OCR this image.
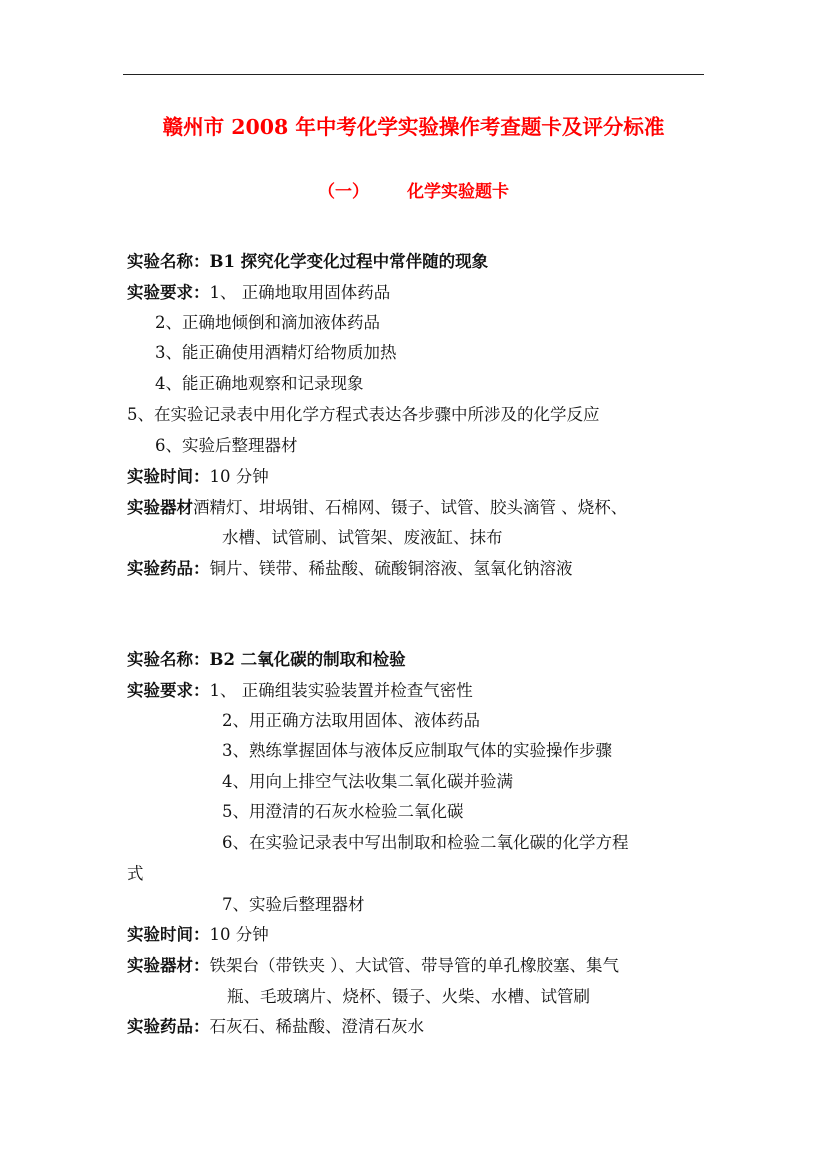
赣州市 2008 年中考化学实验操作考查题卡及评分标准
（一） 化学实验题卡
实验名称：B1 探究化学变化过程中常伴随的现象
实验要求：1、 正确地取用固体药品
2、正确地倾倒和滴加液体药品
3、能正确使用酒精灯给物质加热
4、能正确地观察和记录现象
5、在实验记录表中用化学方程式表达各步骤中所涉及的化学反应
6、实验后整理器材
实验时间：10 分钟
实验器材酒精灯、坩埚钳、石棉网、镊子、试管、胶头滴管 、烧杯、
水槽、试管刷、试管架、废液缸、抹布
实验药品：铜片、镁带、稀盐酸、硫酸铜溶液、氢氧化钠溶液
实验名称：B2 二氧化碳的制取和检验
实验要求：1、 正确组装实验装置并检查气密性
2、用正确方法取用固体、液体药品
3、熟练掌握固体与液体反应制取气体的实验操作步骤
4、用向上排空气法收集二氧化碳并验满
5、用澄清的石灰水检验二氧化碳
6、在实验记录表中写出制取和检验二氧化碳的化学方程
式
7、实验后整理器材
实验时间：10 分钟
实验器材：铁架台（带铁夹 ）、大试管、带导管的单孔橡胶塞、集气
瓶、毛玻璃片、烧杯、镊子、火柴、水槽、试管刷
实验药品：石灰石、稀盐酸、澄清石灰水
